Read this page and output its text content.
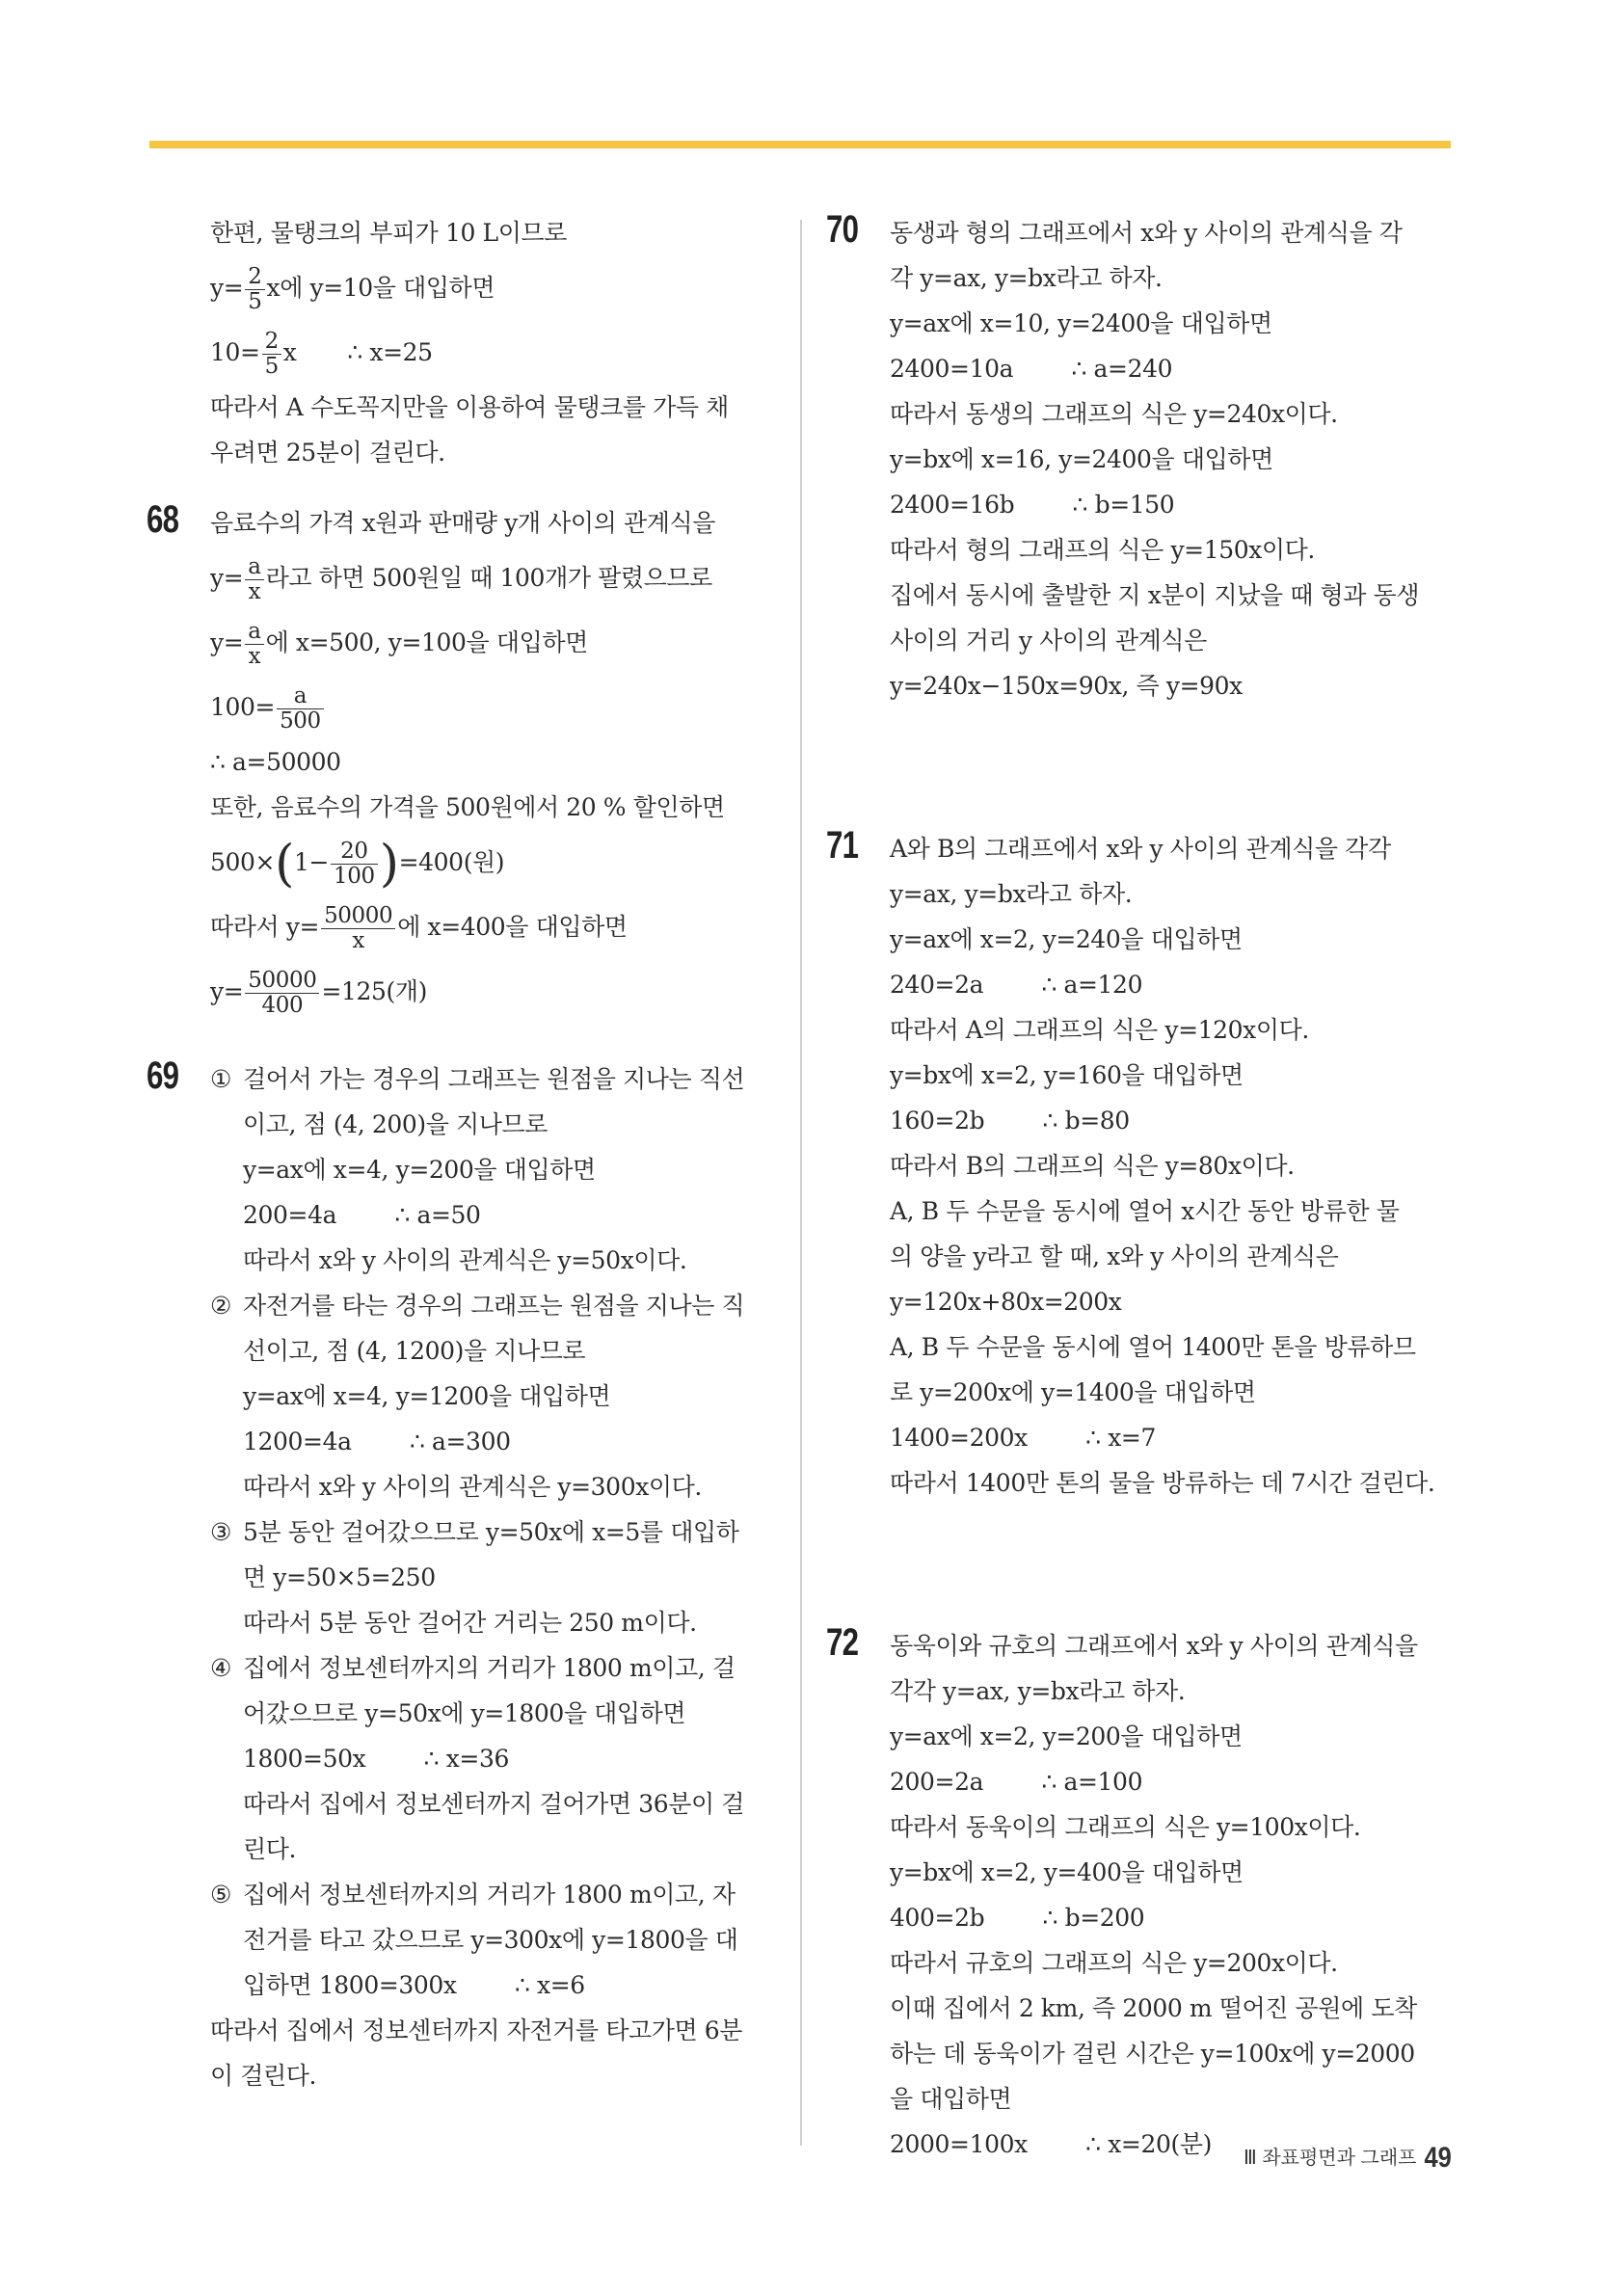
한편, 물탱크의 부피가 10 L이므로
$y= \frac{2}{5}$ x에 y=10을 대입하면
$10= \frac{2}{5}$ x       ∴ x=25
따라서 A 수도꼭지만을 이용하여 물탱크를 가득 채
우려면 25분이 걸린다.
68 음료수의 가격 x원과 판매량 y개 사이의 관계식을
$y= \frac{a}{x}$ 라고 하면 500원일 때 100개가 팔렸으므로
$y= \frac{a}{x}$ 에 x=500, y=100을 대입하면
$100= \frac{a}{500}$
∴ a=50000
또한, 음료수의 가격을 500원에서 20 % 할인하면
$500\times(1- \frac{20}{100} )=400$(원)
따라서 $y= \frac{50000}{x}$ 에 x=400을 대입하면
$y= \frac{50000}{400} =125$(개)
69 ① 걸어서 가는 경우의 그래프는 원점을 지나는 직선
이고, 점 (4, 200)을 지나므로
y=ax에 x=4, y=200을 대입하면
200=4a        ∴ a=50
따라서 x와 y 사이의 관계식은 y=50x이다.
② 자전거를 타는 경우의 그래프는 원점을 지나는 직
선이고, 점 (4, 1200)을 지나므로
y=ax에 x=4, y=1200을 대입하면
1200=4a        ∴ a=300
따라서 x와 y 사이의 관계식은 y=300x이다.
③ 5분 동안 걸어갔으므로 y=50x에 x=5를 대입하
면 y=50×5=250
따라서 5분 동안 걸어간 거리는 250 m이다.
④ 집에서 정보센터까지의 거리가 1800 m이고, 걸
어갔으므로 y=50x에 y=1800을 대입하면
1800=50x        ∴ x=36
따라서 집에서 정보센터까지 걸어가면 36분이 걸
린다.
⑤ 집에서 정보센터까지의 거리가 1800 m이고, 자
전거를 타고 갔으므로 y=300x에 y=1800을 대
입하면 1800=300x        ∴ x=6
따라서 집에서 정보센터까지 자전거를 타고가면 6분
이 걸린다.
70 동생과 형의 그래프에서 x와 y 사이의 관계식을 각
각 y=ax, y=bx라고 하자.
y=ax에 x=10, y=2400을 대입하면
2400=10a        ∴ a=240
따라서 동생의 그래프의 식은 y=240x이다.
y=bx에 x=16, y=2400을 대입하면
2400=16b        ∴ b=150
따라서 형의 그래프의 식은 y=150x이다.
집에서 동시에 출발한 지 x분이 지났을 때 형과 동생
사이의 거리 y 사이의 관계식은
y=240x−150x=90x, 즉 y=90x
71 A와 B의 그래프에서 x와 y 사이의 관계식을 각각
y=ax, y=bx라고 하자.
y=ax에 x=2, y=240을 대입하면
240=2a        ∴ a=120
따라서 A의 그래프의 식은 y=120x이다.
y=bx에 x=2, y=160을 대입하면
160=2b        ∴ b=80
따라서 B의 그래프의 식은 y=80x이다.
A, B 두 수문을 동시에 열어 x시간 동안 방류한 물
의 양을 y라고 할 때, x와 y 사이의 관계식은
y=120x+80x=200x
A, B 두 수문을 동시에 열어 1400만 톤을 방류하므
로 y=200x에 y=1400을 대입하면
1400=200x        ∴ x=7
따라서 1400만 톤의 물을 방류하는 데 7시간 걸린다.
72 동욱이와 규호의 그래프에서 x와 y 사이의 관계식을
각각 y=ax, y=bx라고 하자.
y=ax에 x=2, y=200을 대입하면
200=2a        ∴ a=100
따라서 동욱이의 그래프의 식은 y=100x이다.
y=bx에 x=2, y=400을 대입하면
400=2b        ∴ b=200
따라서 규호의 그래프의 식은 y=200x이다.
이때 집에서 2 km, 즉 2000 m 떨어진 공원에 도착
하는 데 동욱이가 걸린 시간은 y=100x에 y=2000
을 대입하면
2000=100x        ∴ x=20(분)	Ⅲ 좌표평면과 그래프 49
